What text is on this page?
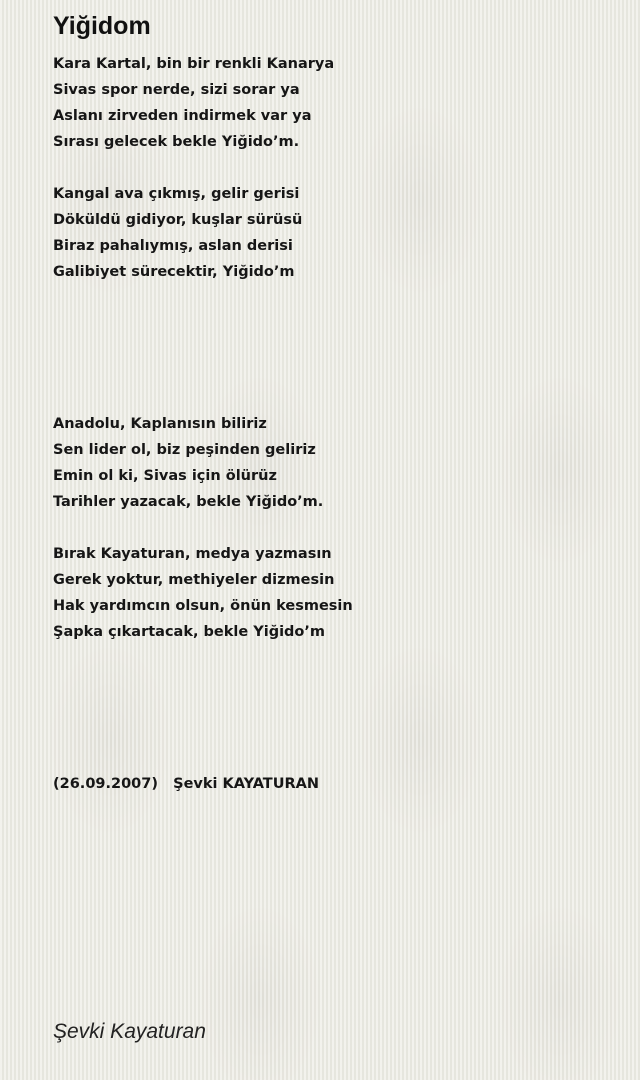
Yiğidom

Kara Kartal, bin bir renkli Kanarya

Sivas spor nerde, sizi sorar ya

Aslanı zirveden indirmek var ya

Sırası gelecek bekle Yiğido’m.

Kangal ava çıkmış, gelir gerisi

Döküldü gidiyor, kuşlar sürüsü

Biraz pahalıymış, aslan derisi

Galibiyet sürecektir, Yiğido’m

Anadolu, Kaplanısın biliriz

Sen lider ol, biz peşinden geliriz

Emin ol ki, Sivas için ölürüz

Tarihler yazacak, bekle Yiğido’m.

Bırak Kayaturan, medya yazmasın

Gerek yoktur, methiyeler dizmesin

Hak yardımcın olsun, önün kesmesin

Şapka çıkartacak, bekle Yiğido’m

(26.09.2007)   Şevki KAYATURAN

Şevki Kayaturan
